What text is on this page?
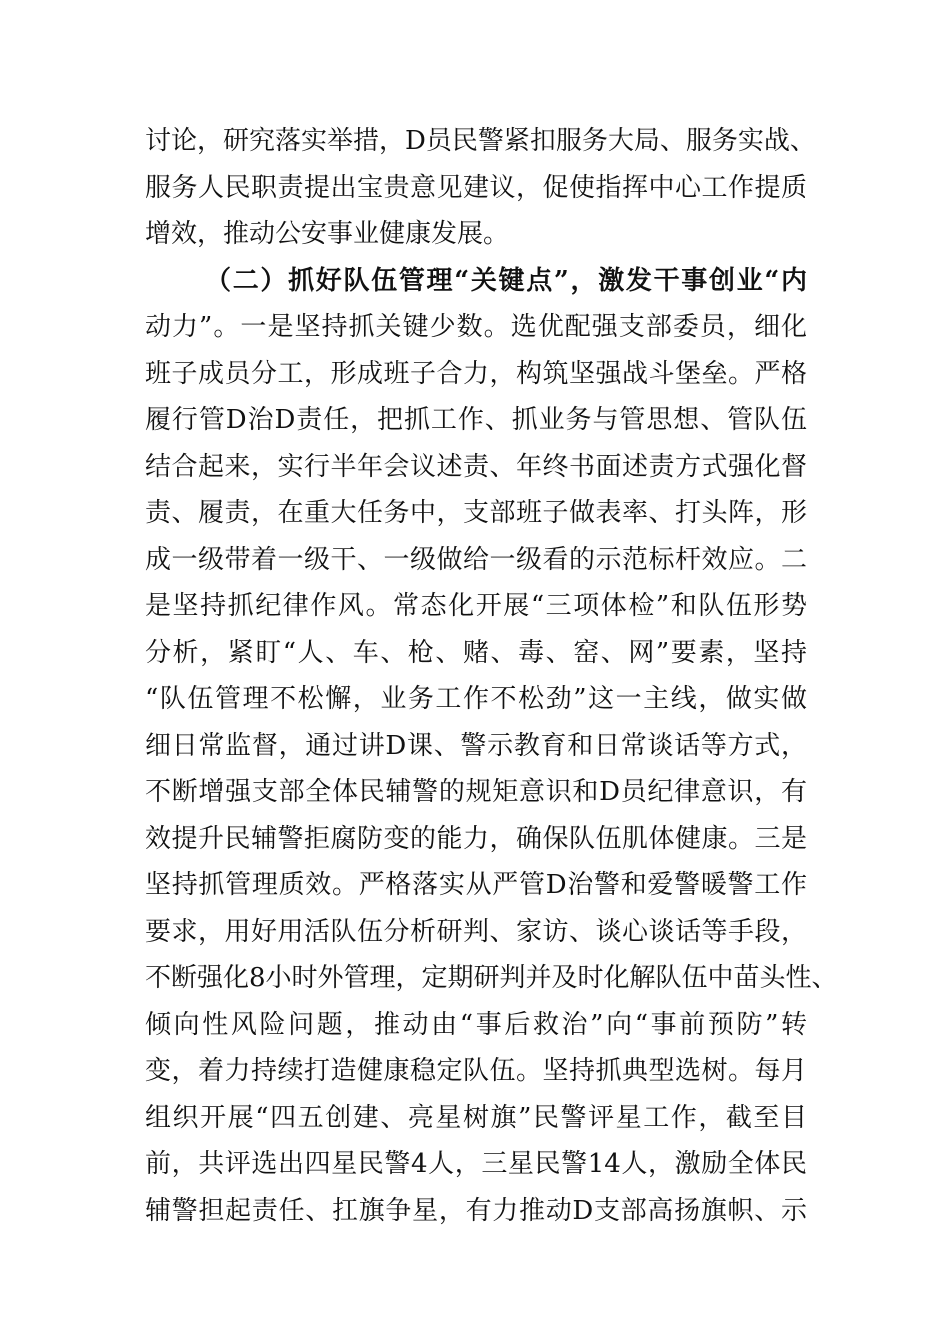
讨论，研究落实举措，D员民警紧扣服务大局、服务实战、
服务人民职责提出宝贵意见建议，促使指挥中心工作提质
增效，推动公安事业健康发展。
（二）抓好队伍管理“关键点”，激发干事创业“内
动力”。一是坚持抓关键少数。选优配强支部委员，细化
班子成员分工，形成班子合力，构筑坚强战斗堡垒。严格
履行管D治D责任，把抓工作、抓业务与管思想、管队伍
结合起来，实行半年会议述责、年终书面述责方式强化督
责、履责，在重大任务中，支部班子做表率、打头阵，形
成一级带着一级干、一级做给一级看的示范标杆效应。二
是坚持抓纪律作风。常态化开展“三项体检”和队伍形势
分析，紧盯“人、车、枪、赌、毒、窑、网”要素，坚持
“队伍管理不松懈，业务工作不松劲”这一主线，做实做
细日常监督，通过讲D课、警示教育和日常谈话等方式，
不断增强支部全体民辅警的规矩意识和D员纪律意识，有
效提升民辅警拒腐防变的能力，确保队伍肌体健康。三是
坚持抓管理质效。严格落实从严管D治警和爱警暖警工作
要求，用好用活队伍分析研判、家访、谈心谈话等手段，
不断强化8小时外管理，定期研判并及时化解队伍中苗头性、
倾向性风险问题，推动由“事后救治”向“事前预防”转
变，着力持续打造健康稳定队伍。坚持抓典型选树。每月
组织开展“四五创建、亮星树旗”民警评星工作，截至目
前，共评选出四星民警4人，三星民警14人，激励全体民
辅警担起责任、扛旗争星，有力推动D支部高扬旗帜、示
